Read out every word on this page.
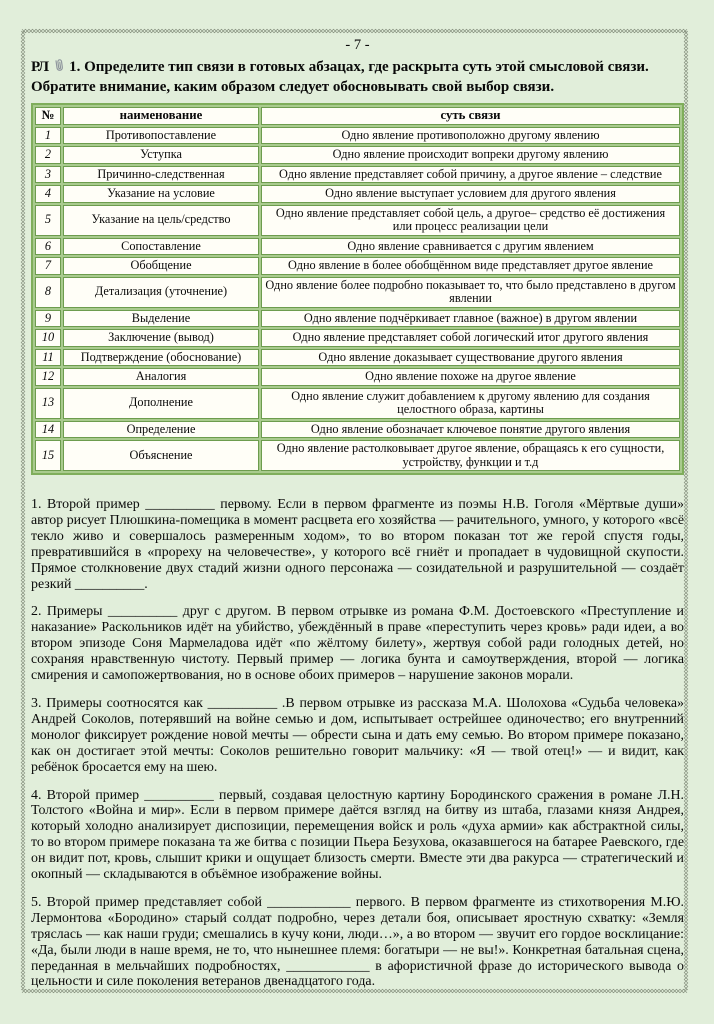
- 7 -
РЛ 1. Определите тип связи в готовых абзацах, где раскрыта суть этой смысловой связи.
Обратите внимание, каким образом следует обосновывать свой выбор связи.
№	наименование	суть связи
1	Противопоставление	Одно явление противоположно другому явлению
2	Уступка	Одно явление происходит вопреки другому явлению
3	Причинно-следственная	Одно явление представляет собой причину, а другое явление – следствие
4	Указание на условие	Одно явление выступает условием для другого явления
5	Указание на цель/средство	Одно явление представляет собой цель, а другое– средство её достижения или процесс реализации цели
6	Сопоставление	Одно явление сравнивается с другим явлением
7	Обобщение	Одно явление в более обобщённом виде представляет другое явление
8	Детализация (уточнение)	Одно явление более подробно показывает то, что было представлено в другом явлении
9	Выделение	Одно явление подчёркивает главное (важное) в другом явлении
10	Заключение (вывод)	Одно явление представляет собой логический итог другого явления
11	Подтверждение (обоснование)	Одно явление доказывает существование другого явления
12	Аналогия	Одно явление похоже на другое явление
13	Дополнение	Одно явление служит добавлением к другому явлению для создания целостного образа, картины
14	Определение	Одно явление обозначает ключевое понятие другого явления
15	Объяснение	Одно явление растолковывает другое явление, обращаясь к его сущности, устройству, функции и т.д

1. Второй пример __________ первому. Если в первом фрагменте из поэмы Н.В. Гоголя «Мёртвые души» автор рисует Плюшкина-помещика в момент расцвета его хозяйства — рачительного, умного, у которого «всё текло живо и совершалось размеренным ходом», то во втором показан тот же герой спустя годы, превратившийся в «прореху на человечестве», у которого всё гниёт и пропадает в чудовищной скупости. Прямое столкновение двух стадий жизни одного персонажа — созидательной и разрушительной — создаёт резкий __________.

2. Примеры __________ друг с другом. В первом отрывке из романа Ф.М. Достоевского «Преступление и наказание» Раскольников идёт на убийство, убеждённый в праве «переступить через кровь» ради идеи, а во втором эпизоде Соня Мармеладова идёт «по жёлтому билету», жертвуя собой ради голодных детей, но сохраняя нравственную чистоту. Первый пример — логика бунта и самоутверждения, второй — логика смирения и самопожертвования, но в основе обоих примеров – нарушение законов морали.

3. Примеры соотносятся как __________ .В первом отрывке из рассказа М.А. Шолохова «Судьба человека» Андрей Соколов, потерявший на войне семью и дом, испытывает острейшее одиночество; его внутренний монолог фиксирует рождение новой мечты — обрести сына и дать ему семью. Во втором примере показано, как он достигает этой мечты: Соколов решительно говорит мальчику: «Я — твой отец!» — и видит, как ребёнок бросается ему на шею.

4. Второй пример __________ первый, создавая целостную картину Бородинского сражения в романе Л.Н. Толстого «Война и мир». Если в первом примере даётся взгляд на битву из штаба, глазами князя Андрея, который холодно анализирует диспозиции, перемещения войск и роль «духа армии» как абстрактной силы, то во втором примере показана та же битва с позиции Пьера Безухова, оказавшегося на батарее Раевского, где он видит пот, кровь, слышит крики и ощущает близость смерти. Вместе эти два ракурса — стратегический и окопный — складываются в объёмное изображение войны.

5. Второй пример представляет собой ____________ первого. В первом фрагменте из стихотворения М.Ю. Лермонтова «Бородино» старый солдат подробно, через детали боя, описывает яростную схватку: «Земля тряслась — как наши груди; смешались в кучу кони, люди…», а во втором — звучит его гордое восклицание: «Да, были люди в наше время, не то, что нынешнее племя: богатыри — не вы!». Конкретная батальная сцена, переданная в мельчайших подробностях, ____________ в афористичной фразе до исторического вывода о цельности и силе поколения ветеранов двенадцатого года.
